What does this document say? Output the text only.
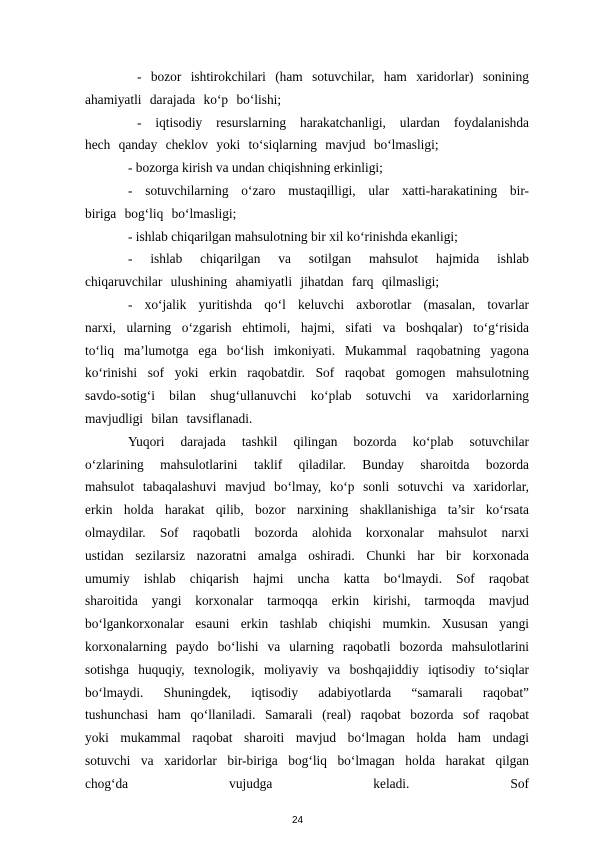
- bozor ishtirokchilari (ham sotuvchilar, ham xaridorlar) sonining ahamiyatli darajada ko‘p bo‘lishi;

- iqtisodiy resurslarning harakatchanligi, ulardan foydalanishda hech qanday cheklov yoki to‘siqlarning mavjud bo‘lmasligi;

- bozorga kirish va undan chiqishning erkinligi;

- sotuvchilarning o‘zaro mustaqilligi, ular xatti-harakatining bir-biriga bog‘liq bo‘lmasligi;

- ishlab chiqarilgan mahsulotning bir xil ko‘rinishda ekanligi;

- ishlab chiqarilgan va sotilgan mahsulot hajmida ishlab chiqaruvchilar ulushining ahamiyatli jihatdan farq qilmasligi;

- xo‘jalik yuritishda qo‘l keluvchi axborotlar (masalan, tovarlar narxi, ularning o‘zgarish ehtimoli, hajmi, sifati va boshqalar) to‘g‘risida to‘liq ma’lumotga ega bo‘lish imkoniyati. Mukammal raqobatning yagona ko‘rinishi sof yoki erkin raqobatdir. Sof raqobat gomogen mahsulotning savdo-sotig‘i bilan shug‘ullanuvchi ko‘plab sotuvchi va xaridorlarning mavjudligi bilan tavsiflanadi.

Yuqori darajada tashkil qilingan bozorda ko‘plab sotuvchilar o‘zlarining mahsulotlarini taklif qiladilar. Bunday sharoitda bozorda mahsulot tabaqalashuvi mavjud bo‘lmay, ko‘p sonli sotuvchi va xaridorlar, erkin holda harakat qilib, bozor narxining shakllanishiga ta’sir ko‘rsata olmaydilar. Sof raqobatli bozorda alohida korxonalar mahsulot narxi ustidan sezilarsiz nazoratni amalga oshiradi. Chunki har bir korxonada umumiy ishlab chiqarish hajmi uncha katta bo‘lmaydi. Sof raqobat sharoitida yangi korxonalar tarmoqqa erkin kirishi, tarmoqda mavjud bo‘lgankorxonalar esauni erkin tashlab chiqishi mumkin. Xususan yangi korxonalarning paydo bo‘lishi va ularning raqobatli bozorda mahsulotlarini sotishga huquqiy, texnologik, moliyaviy va boshqajiddiy iqtisodiy to‘siqlar bo‘lmaydi. Shuningdek, iqtisodiy adabiyotlarda “samarali raqobat” tushunchasi ham qo‘llaniladi. Samarali (real) raqobat bozorda sof raqobat yoki mukammal raqobat sharoiti mavjud bo‘lmagan holda ham undagi sotuvchi va xaridorlar bir-biriga bog‘liq bo‘lmagan holda harakat qilgan chog‘da vujudga keladi. Sof

24
